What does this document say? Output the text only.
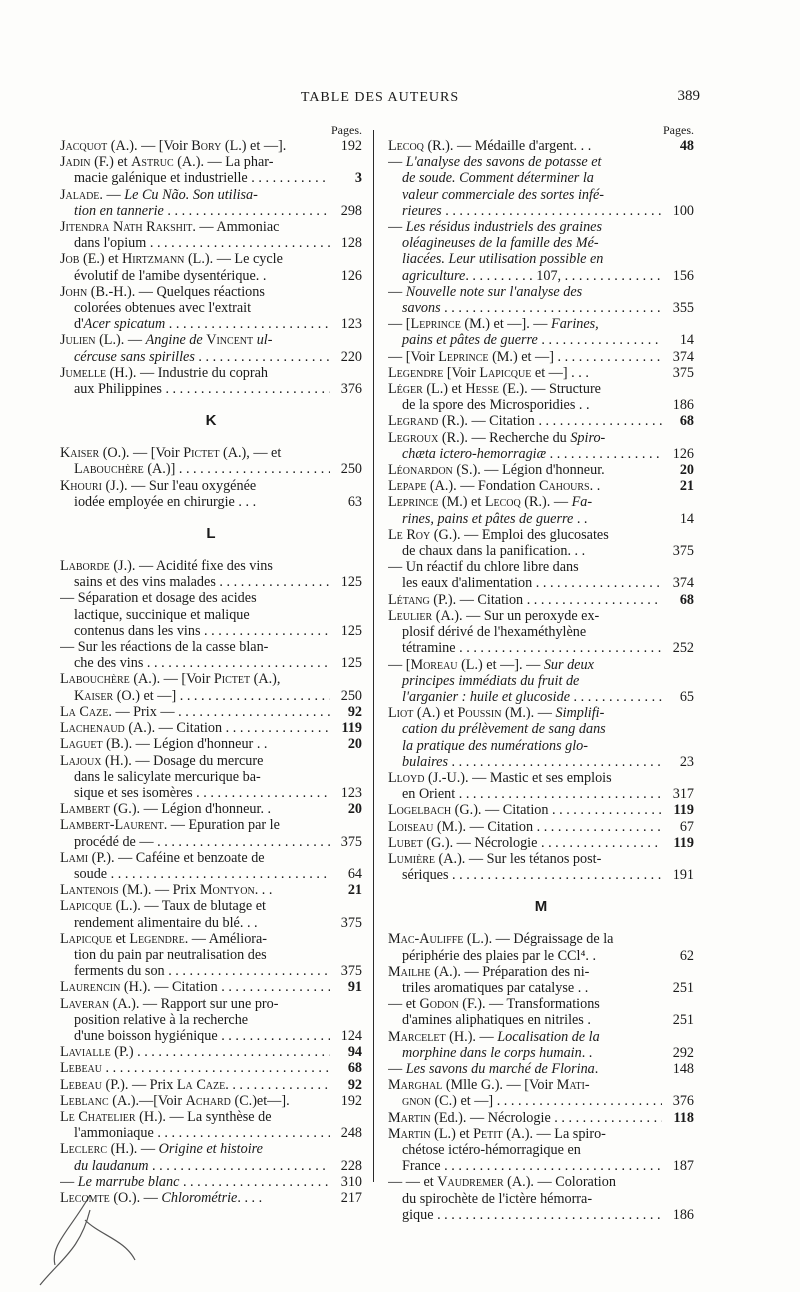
TABLE DES AUTEURS	389
Pages.
Jacquot (A.). — [Voir Bory (L.) et —].	192
Jadin (F.) et Astruc (A.). — La phar-
macie galénique et industrielle	3
. . .
Jalade. — Le Cu Não. Son utilisa-
tion en tannerie	298
. . .
Jitendra Nath Rakshit. — Ammoniac
dans l'opium	128
. . .
Job (E.) et Hirtzmann (L.). — Le cycle
évolutif de l'amibe dysentérique. .	126
John (B.-H.). — Quelques réactions
colorées obtenues avec l'extrait
d'Acer spicatum	123
. . .
Julien (L.). — Angine de Vincent ul-
cércuse sans spirilles	220
. . .
Jumelle (H.). — Industrie du coprah
aux Philippines	376
. . .
K
Kaiser (O.). — [Voir Pictet (A.), — et
Labouchère (A.)]	250
. . .
Khouri (J.). — Sur l'eau oxygénée
iodée employée en chirurgie . . .	63
L
Laborde (J.). — Acidité fixe des vins
sains et des vins malades	125
. . .
— Séparation et dosage des acides
lactique, succinique et malique
contenus dans les vins	125
. . .
— Sur les réactions de la casse blan-
che des vins	125
. . .
Labouchère (A.). — [Voir Pictet (A.),
Kaiser (O.) et —]	250
. . .
La Caze. — Prix —	92
. . .
Lachenaud (A.). — Citation	119
. . .
Laguet (B.). — Légion d'honneur . .	20
Lajoux (H.). — Dosage du mercure
dans le salicylate mercurique ba-
sique et ses isomères	123
. . .
Lambert (G.). — Légion d'honneur. .	20
Lambert-Laurent. — Epuration par le
procédé de —	375
. . .
Lami (P.). — Caféine et benzoate de
soude	64
. . .
Lantenois (M.). — Prix Montyon. . .	21
Lapicque (L.). — Taux de blutage et
rendement alimentaire du blé. . .	375
Lapicque et Legendre. — Améliora-
tion du pain par neutralisation des
ferments du son	375
. . .
Laurencin (H.). — Citation	91
. . .
Laveran (A.). — Rapport sur une pro-
position relative à la recherche
d'une boisson hygiénique	124
. . .
Lavialle (P.)	94
. . .
Lebeau	68
. . .
Lebeau (P.). — Prix La Caze.	92
. . .
Leblanc (A.).—[Voir Achard (C.)et—].	192
Le Chatelier (H.). — La synthèse de
l'ammoniaque	248
. . .
Leclerc (H.). — Origine et histoire
du laudanum	228
. . .
— Le marrube blanc	310
. . .
Lecomte (O.). — Chlorométrie. . . .	217
Pages.
Lecoq (R.). — Médaille d'argent. . .	48
— L'analyse des savons de potasse et
de soude. Comment déterminer la
valeur commerciale des sortes infé-
rieures	100
. . .
— Les résidus industriels des graines
oléagineuses de la famille des Mé-
liacées. Leur utilisation possible en
agriculture. . . . . . . . . . 107,	156
. . .
— Nouvelle note sur l'analyse des
savons	355
. . .
— [Leprince (M.) et —]. — Farines,
pains et pâtes de guerre	14
. . .
— [Voir Leprince (M.) et —]	374
. . .
Legendre [Voir Lapicque et —] . . .	375
Léger (L.) et Hesse (E.). — Structure
de la spore des Microsporidies . .	186
Legrand (R.). — Citation	68
. . .
Legroux (R.). — Recherche du Spiro-
chæta ictero-hemorragiæ	126
. . .
Léonardon (S.). — Légion d'honneur.	20
Lepape (A.). — Fondation Cahours. .	21
Leprince (M.) et Lecoq (R.). — Fa-
rines, pains et pâtes de guerre . .	14
Le Roy (G.). — Emploi des glucosates
de chaux dans la panification. . .	375
— Un réactif du chlore libre dans
les eaux d'alimentation	374
. . .
Létang (P.). — Citation	68
. . .
Leulier (A.). — Sur un peroxyde ex-
plosif dérivé de l'hexaméthylène
tétramine	252
. . .
— [Moreau (L.) et —]. — Sur deux
principes immédiats du fruit de
l'arganier : huile et glucoside	65
. . .
Liot (A.) et Poussin (M.). — Simplifi-
cation du prélèvement de sang dans
la pratique des numérations glo-
bulaires	23
. . .
Lloyd (J.-U.). — Mastic et ses emplois
en Orient	317
. . .
Logelbach (G.). — Citation	119
. . .
Loiseau (M.). — Citation	67
. . .
Lubet (G.). — Nécrologie	119
. . .
Lumière (A.). — Sur les tétanos post-
sériques	191
. . .
M
Mac-Auliffe (L.). — Dégraissage de la
périphérie des plaies par le CCl⁴. .	62
Mailhe (A.). — Préparation des ni-
triles aromatiques par catalyse . .	251
— et Godon (F.). — Transformations
d'amines aliphatiques en nitriles .	251
Marcelet (H.). — Localisation de la
morphine dans le corps humain. .	292
— Les savons du marché de Florina.	148
Marghal (Mlle G.). — [Voir Mati-
gnon (C.) et —]	376
. . .
Martin (Ed.). — Nécrologie	118
. . .
Martin (L.) et Petit (A.). — La spiro-
chétose ictéro-hémorragique en
France	187
. . .
— — et Vaudremer (A.). — Coloration
du spirochète de l'ictère hémorra-
gique	186
. . .
